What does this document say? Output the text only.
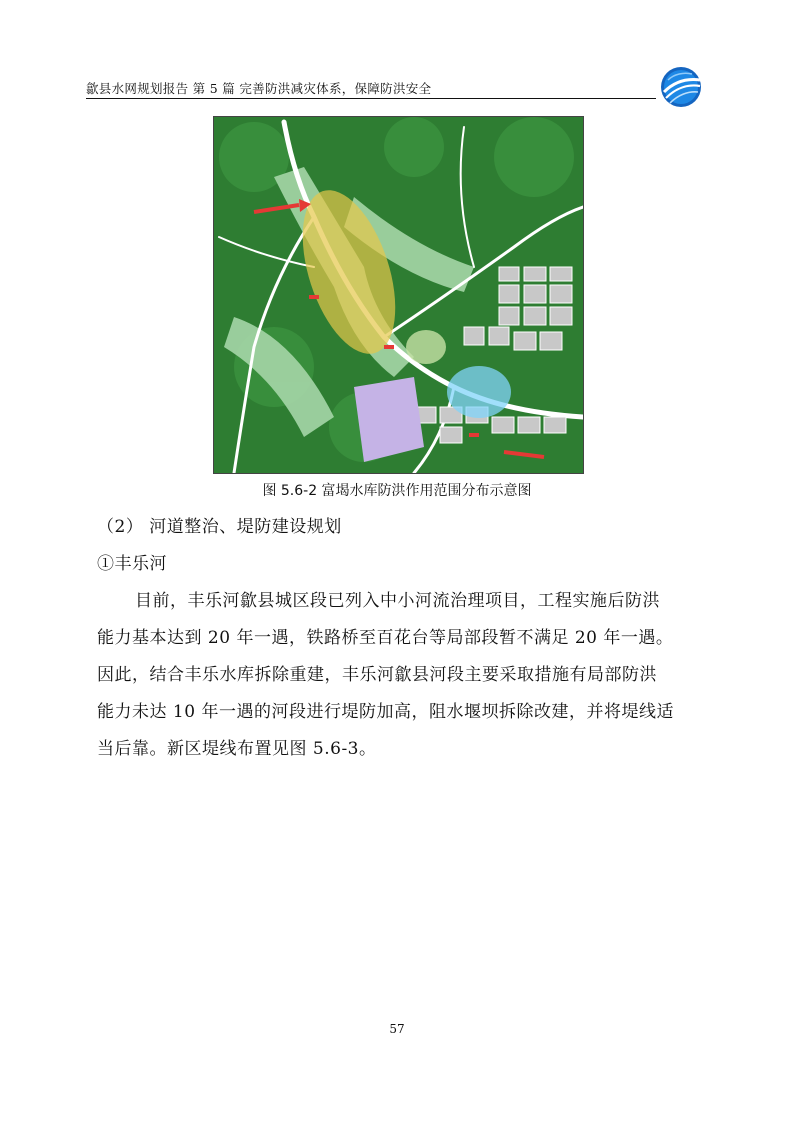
歙县水网规划报告 第 5 篇 完善防洪减灾体系，保障防洪安全
图 5.6-2 富堨水库防洪作用范围分布示意图
（2） 河道整治、堤防建设规划
①丰乐河
目前，丰乐河歙县城区段已列入中小河流治理项目，工程实施后防洪
能力基本达到 20 年一遇，铁路桥至百花台等局部段暂不满足 20 年一遇。
因此，结合丰乐水库拆除重建，丰乐河歙县河段主要采取措施有局部防洪
能力未达 10 年一遇的河段进行堤防加高，阻水堰坝拆除改建，并将堤线适
当后靠。新区堤线布置见图 5.6-3。
57
